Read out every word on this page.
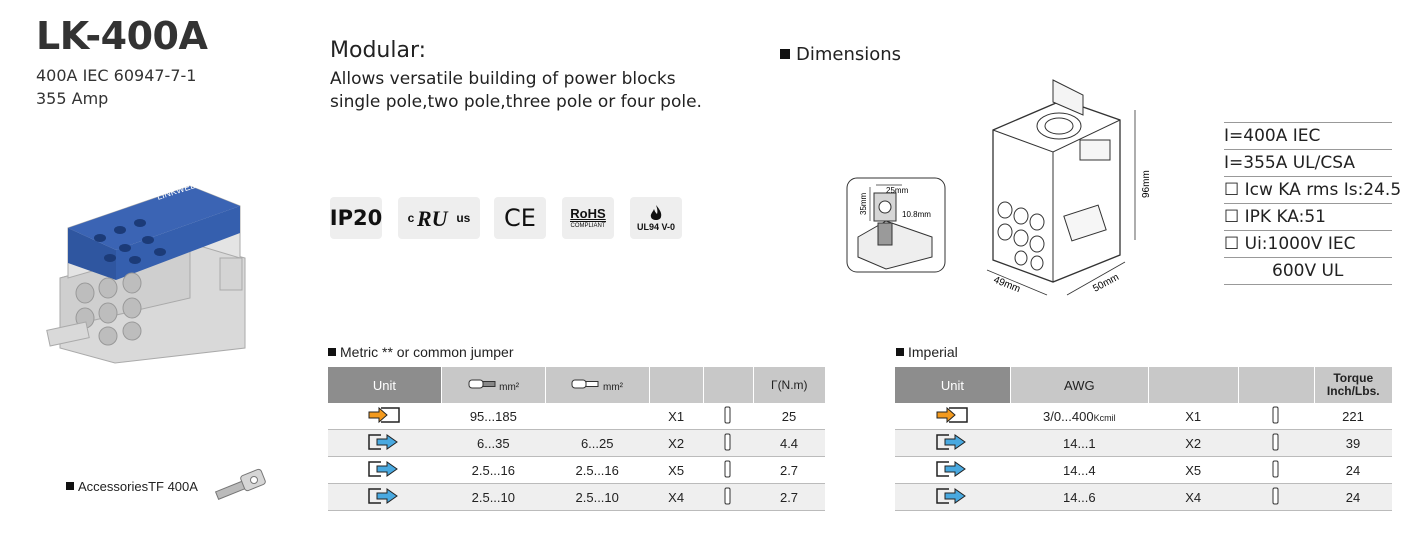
LK-400A
400A IEC 60947-7-1
355 Amp
Modular:
Allows versatile building of power blocks single pole,two pole,three pole or four pole.
Dimensions
LINKWELL
IP20 c RU us CE	RoHS
COMPLIANT	UL94 V-0
25mm
35mm	10.8mm
96mm
49mm	50mm
I=400A IEC
I=355A UL/CSA
☐ Icw KA rms Is:24.5
☐ IPK KA:51
☐ Ui:1000V IEC
600V UL
Metric ** or common jumper
Unit	mm²	mm²			Γ(N.m)
	95...185		X1		25
	6...35	6...25	X2		4.4
	2.5...16	2.5...16	X5		2.7
	2.5...10	2.5...10	X4		2.7
Imperial
Unit	AWG			Torque Inch/Lbs.
	3/0...400Kcmil	X1		221
	14...1	X2		39
	14...4	X5		24
	14...6	X4		24
AccessoriesTF 400A
